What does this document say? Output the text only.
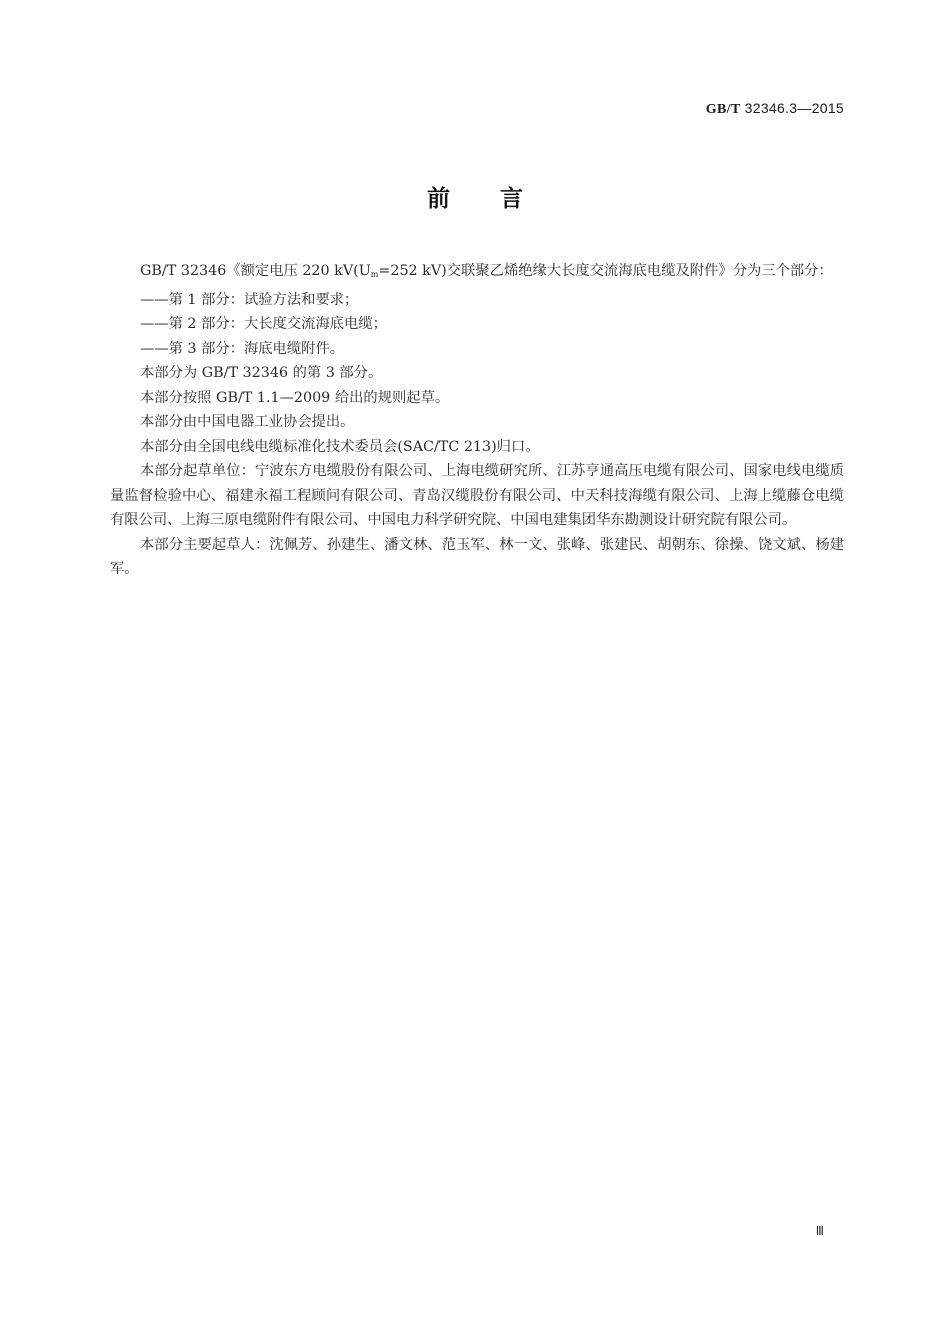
GB/T 32346.3—2015
前言

GB/T 32346《额定电压 220 $kV(U_m=252$ kV)交联聚乙烯绝缘大长度交流海底电缆及附件》分为三个部分：

——第 1 部分：试验方法和要求；

——第 2 部分：大长度交流海底电缆；

——第 3 部分：海底电缆附件。

本部分为 GB/T 32346 的第 3 部分。

本部分按照 GB/T 1.1—2009 给出的规则起草。

本部分由中国电器工业协会提出。

本部分由全国电线电缆标准化技术委员会(SAC/TC 213)归口。

本部分起草单位：宁波东方电缆股份有限公司、上海电缆研究所、江苏亨通高压电缆有限公司、国家电线电缆质量监督检验中心、福建永福工程顾问有限公司、青岛汉缆股份有限公司、中天科技海缆有限公司、上海上缆藤仓电缆有限公司、上海三原电缆附件有限公司、中国电力科学研究院、中国电建集团华东勘测设计研究院有限公司。

本部分主要起草人：沈佩芳、孙建生、潘文林、范玉军、林一文、张峰、张建民、胡朝东、徐操、饶文斌、杨建军。

Ⅲ
